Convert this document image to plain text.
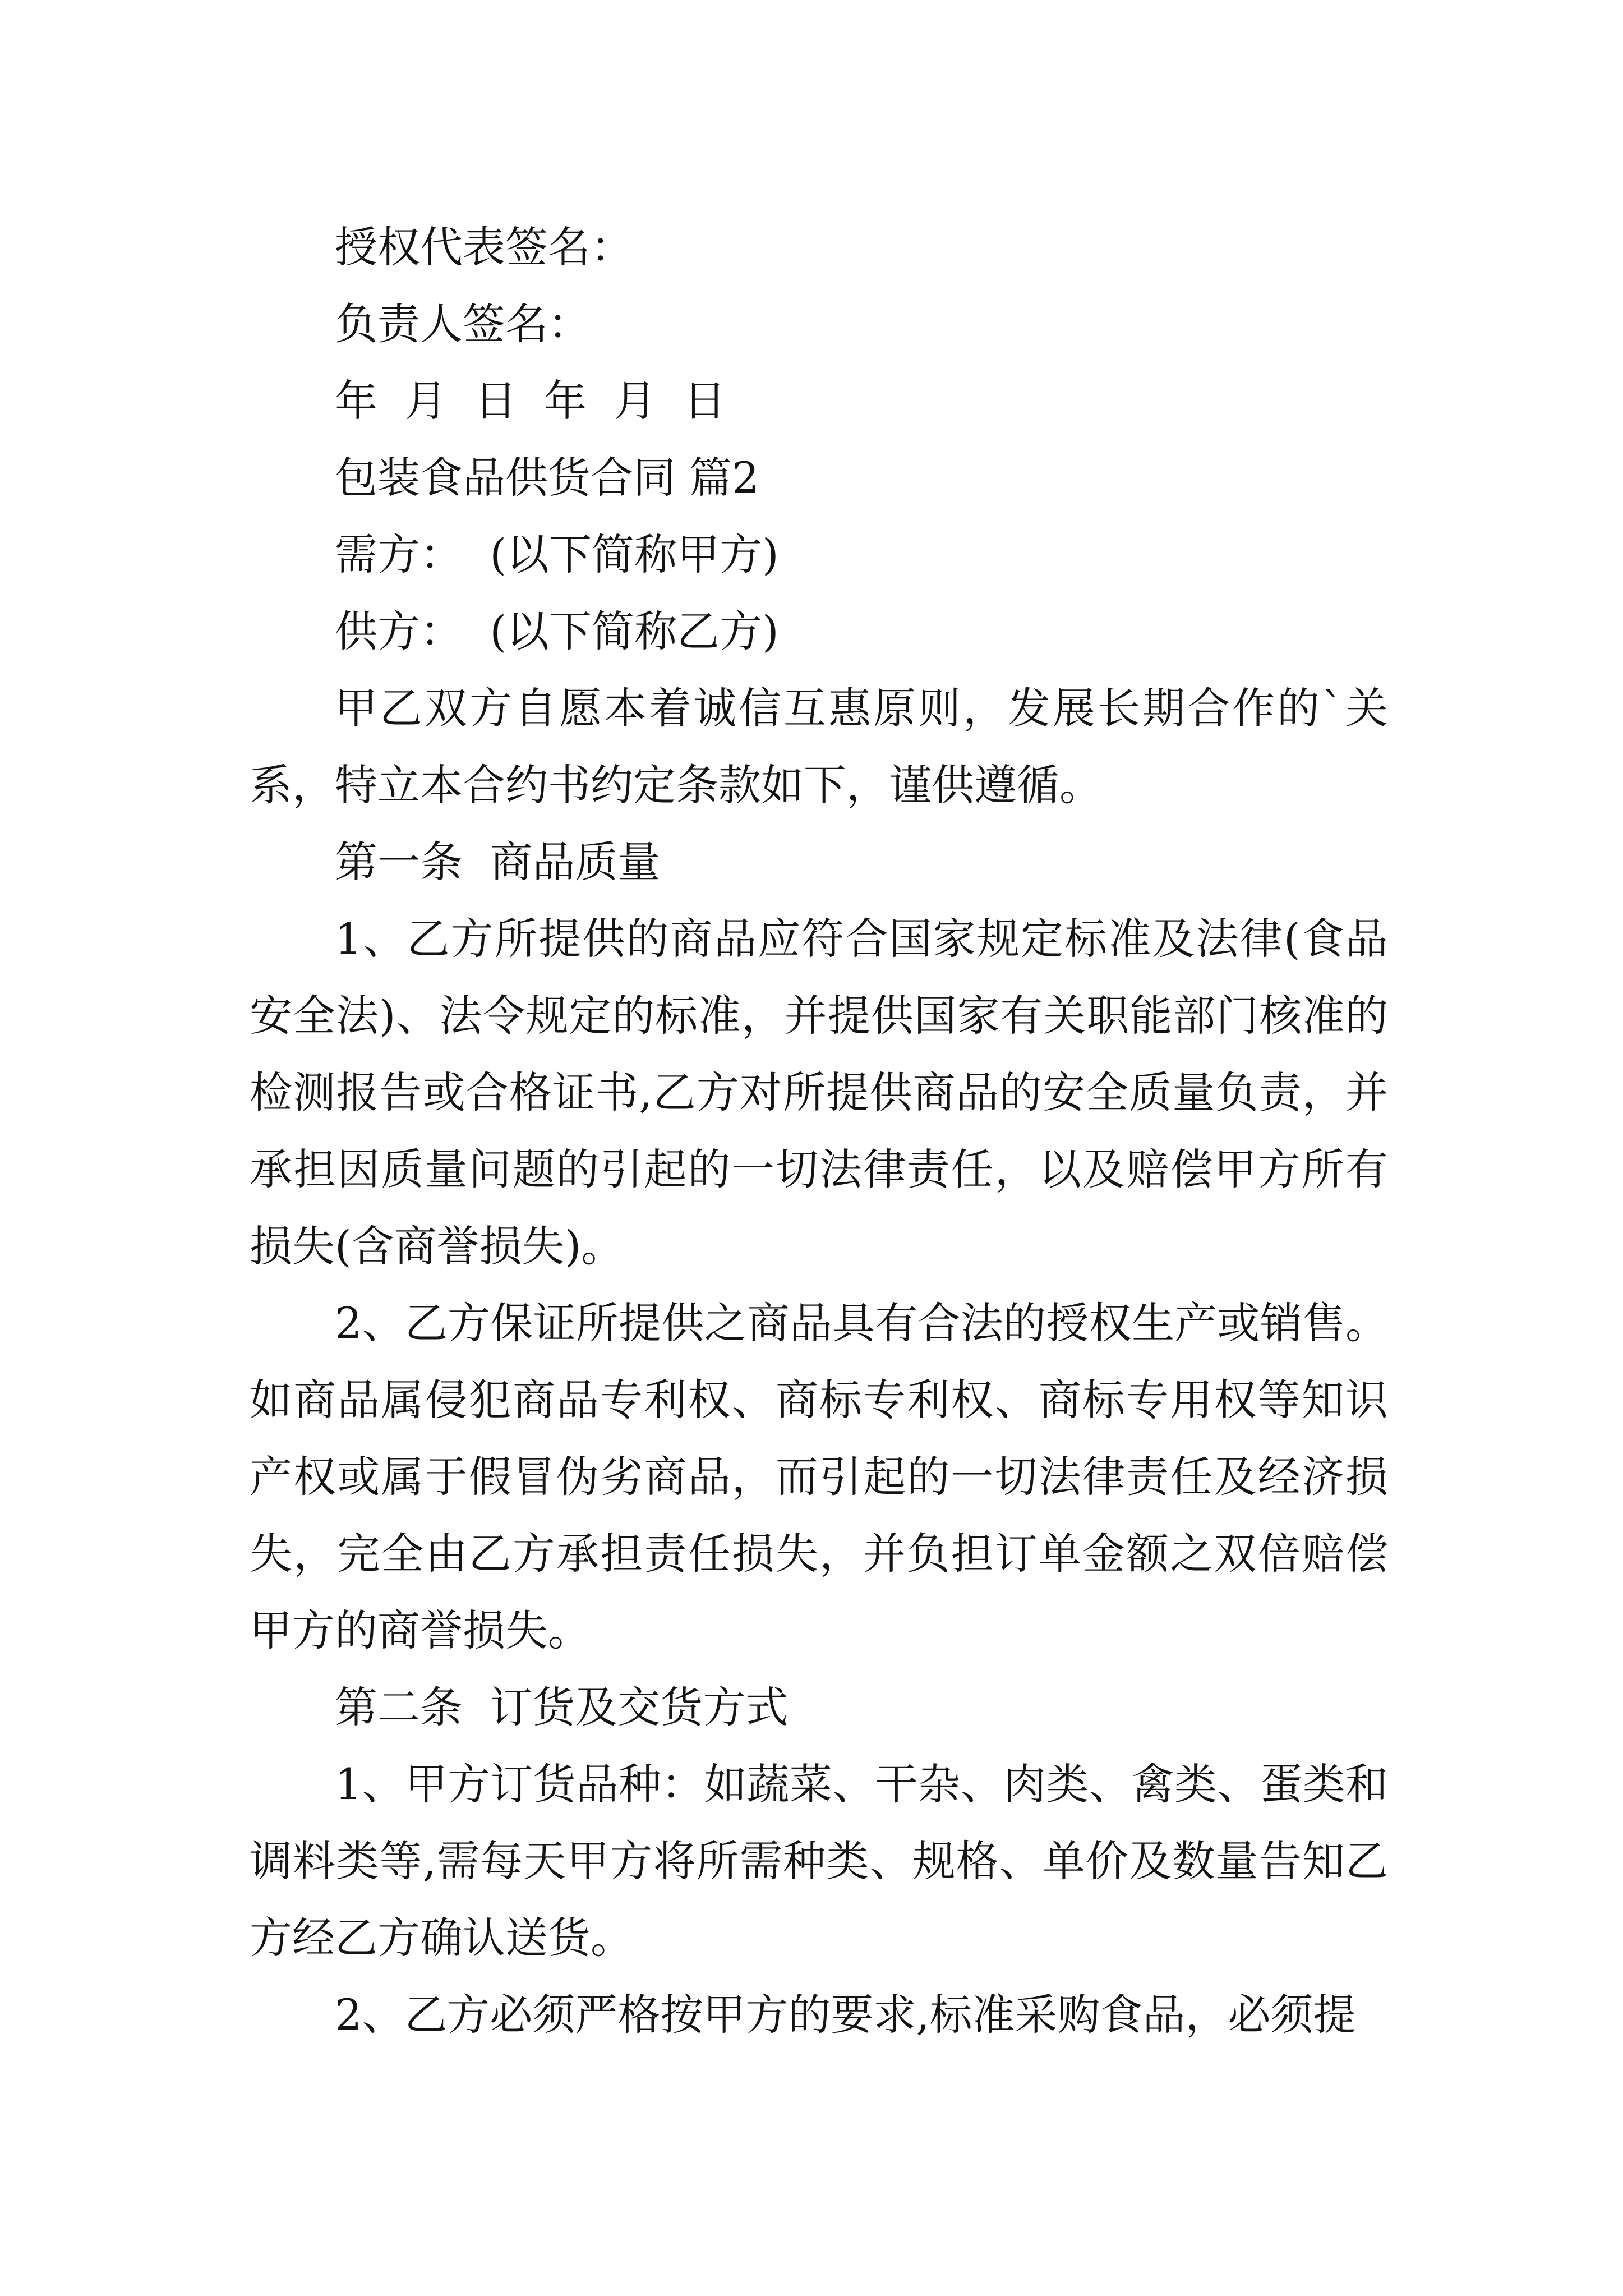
授权代表签名：
负责人签名：
年  月  日  年  月  日
包装食品供货合同 篇2
需方：  (以下简称甲方)
供方：  (以下简称乙方)

甲乙双方自愿本着诚信互惠原则，发展长期合作的`关系，特立本合约书约定条款如下，谨供遵循。

第一条  商品质量

1、乙方所提供的商品应符合国家规定标准及法律(食品安全法)、法令规定的标准，并提供国家有关职能部门核准的检测报告或合格证书,乙方对所提供商品的安全质量负责，并承担因质量问题的引起的一切法律责任，以及赔偿甲方所有损失(含商誉损失)。

2、乙方保证所提供之商品具有合法的授权生产或销售。如商品属侵犯商品专利权、商标专利权、商标专用权等知识产权或属于假冒伪劣商品，而引起的一切法律责任及经济损失，完全由乙方承担责任损失，并负担订单金额之双倍赔偿甲方的商誉损失。

第二条  订货及交货方式

1、甲方订货品种：如蔬菜、干杂、肉类、禽类、蛋类和调料类等,需每天甲方将所需种类、规格、单价及数量告知乙方经乙方确认送货。

2、乙方必须严格按甲方的要求,标准采购食品，必须提
